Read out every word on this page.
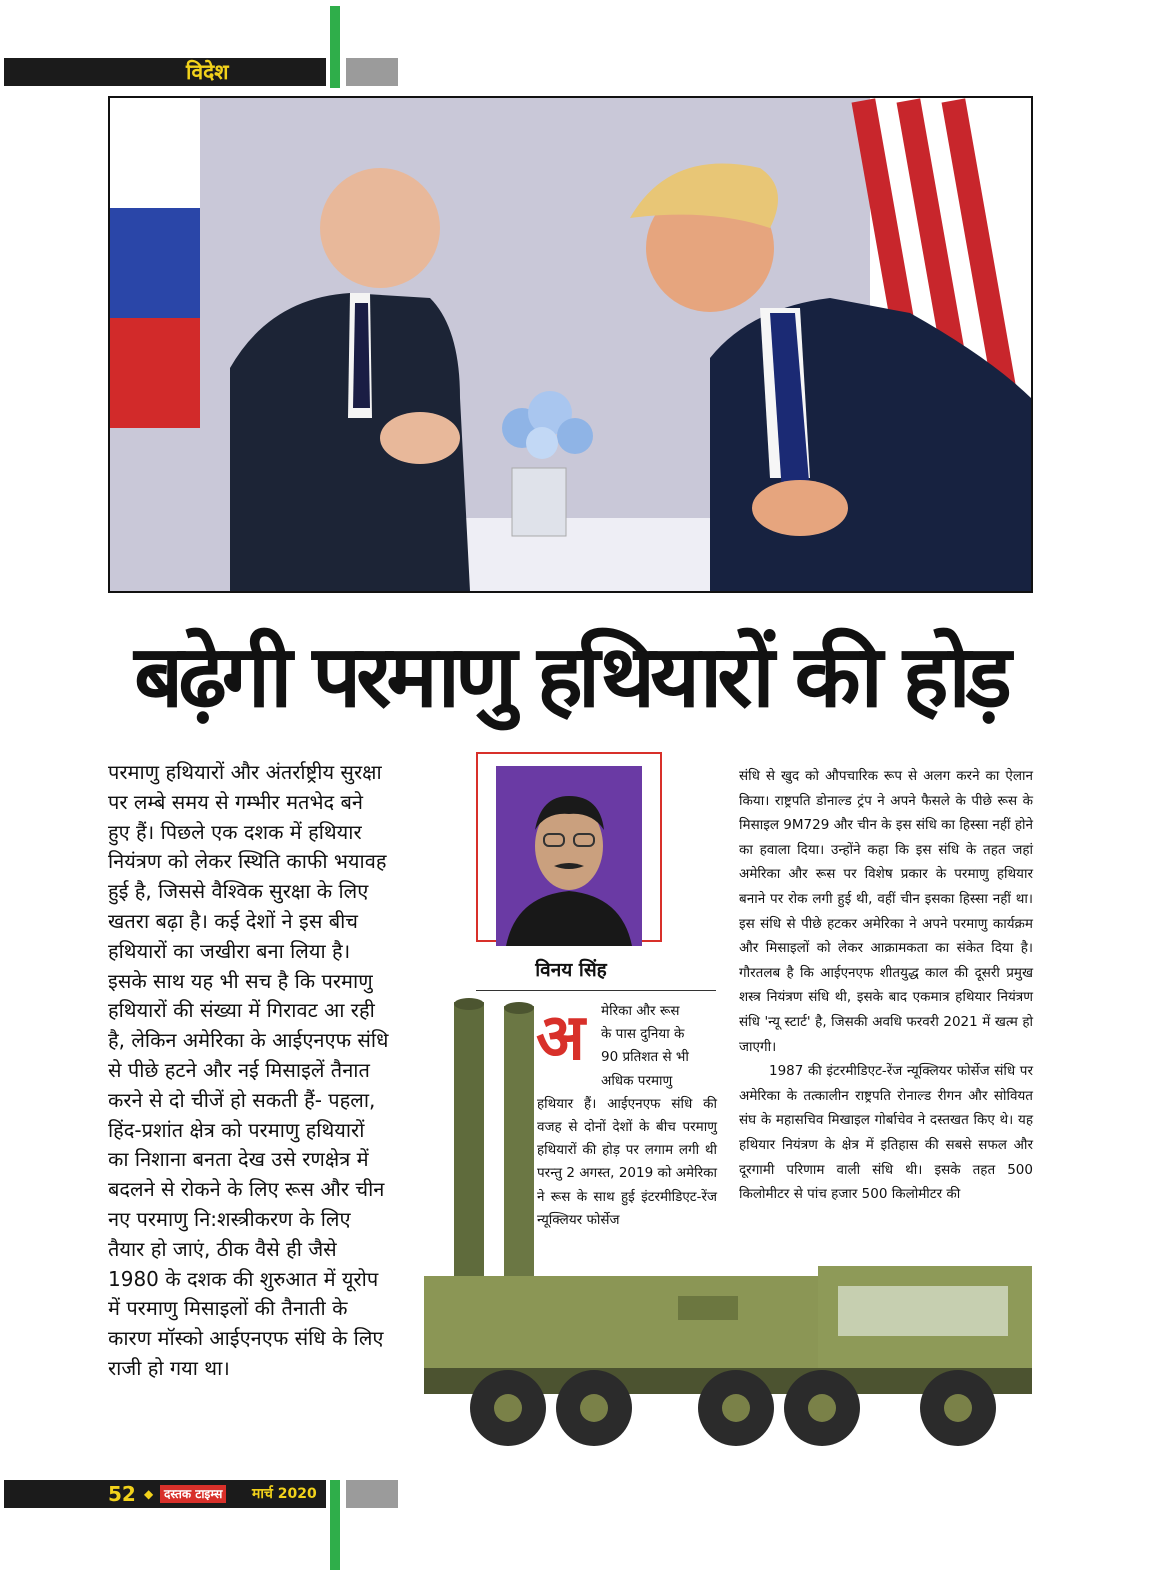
विदेश
बढ़ेगी परमाणु हथियारों की होड़

परमाणु हथियारों और अंतर्राष्ट्रीय सुरक्षा पर लम्बे समय से गम्भीर मतभेद बने हुए हैं। पिछले एक दशक में हथियार नियंत्रण को लेकर स्थिति काफी भयावह हुई है, जिससे वैश्विक सुरक्षा के लिए खतरा बढ़ा है। कई देशों ने इस बीच हथियारों का जखीरा बना लिया है। इसके साथ यह भी सच है कि परमाणु हथियारों की संख्या में गिरावट आ रही है, लेकिन अमेरिका के आईएनएफ संधि से पीछे हटने और नई मिसाइलें तैनात करने से दो चीजें हो सकती हैं- पहला, हिंद-प्रशांत क्षेत्र को परमाणु हथियारों का निशाना बनता देख उसे रणक्षेत्र में बदलने से रोकने के लिए रूस और चीन नए परमाणु नि:शस्त्रीकरण के लिए तैयार हो जाएं, ठीक वैसे ही जैसे 1980 के दशक की शुरुआत में यूरोप में परमाणु मिसाइलों की तैनाती के कारण मॉस्को आईएनएफ संधि के लिए राजी हो गया था।

विनय सिंह
अ	मेरिका और रूस
के पास दुनिया के
90 प्रतिशत से भी
अधिक परमाणु
हथियार हैं। आईएनएफ संधि की वजह से दोनों देशों के बीच परमाणु हथियारों की होड़ पर लगाम लगी थी परन्तु 2 अगस्त, 2019 को अमेरिका ने रूस के साथ हुई इंटरमीडिएट-रेंज न्यूक्लियर फोर्सेज

संधि से खुद को औपचारिक रूप से अलग करने का ऐलान किया। राष्ट्रपति डोनाल्ड ट्रंप ने अपने फैसले के पीछे रूस के मिसाइल 9M729 और चीन के इस संधि का हिस्सा नहीं होने का हवाला दिया। उन्होंने कहा कि इस संधि के तहत जहां अमेरिका और रूस पर विशेष प्रकार के परमाणु हथियार बनाने पर रोक लगी हुई थी, वहीं चीन इसका हिस्सा नहीं था। इस संधि से पीछे हटकर अमेरिका ने अपने परमाणु कार्यक्रम और मिसाइलों को लेकर आक्रामकता का संकेत दिया है। गौरतलब है कि आईएनएफ शीतयुद्ध काल की दूसरी प्रमुख शस्त्र नियंत्रण संधि थी, इसके बाद एकमात्र हथियार नियंत्रण संधि 'न्यू स्टार्ट' है, जिसकी अवधि फरवरी 2021 में खत्म हो जाएगी।

1987 की इंटरमीडिएट-रेंज न्यूक्लियर फोर्सेज संधि पर अमेरिका के तत्कालीन राष्ट्रपति रोनाल्ड रीगन और सोवियत संघ के महासचिव मिखाइल गोर्बाचेव ने दस्तखत किए थे। यह हथियार नियंत्रण के क्षेत्र में इतिहास की सबसे सफल और दूरगामी परिणाम वाली संधि थी। इसके तहत 500 किलोमीटर से पांच हजार 500 किलोमीटर की

52 ◆ दस्तक टाइम्स मार्च 2020
